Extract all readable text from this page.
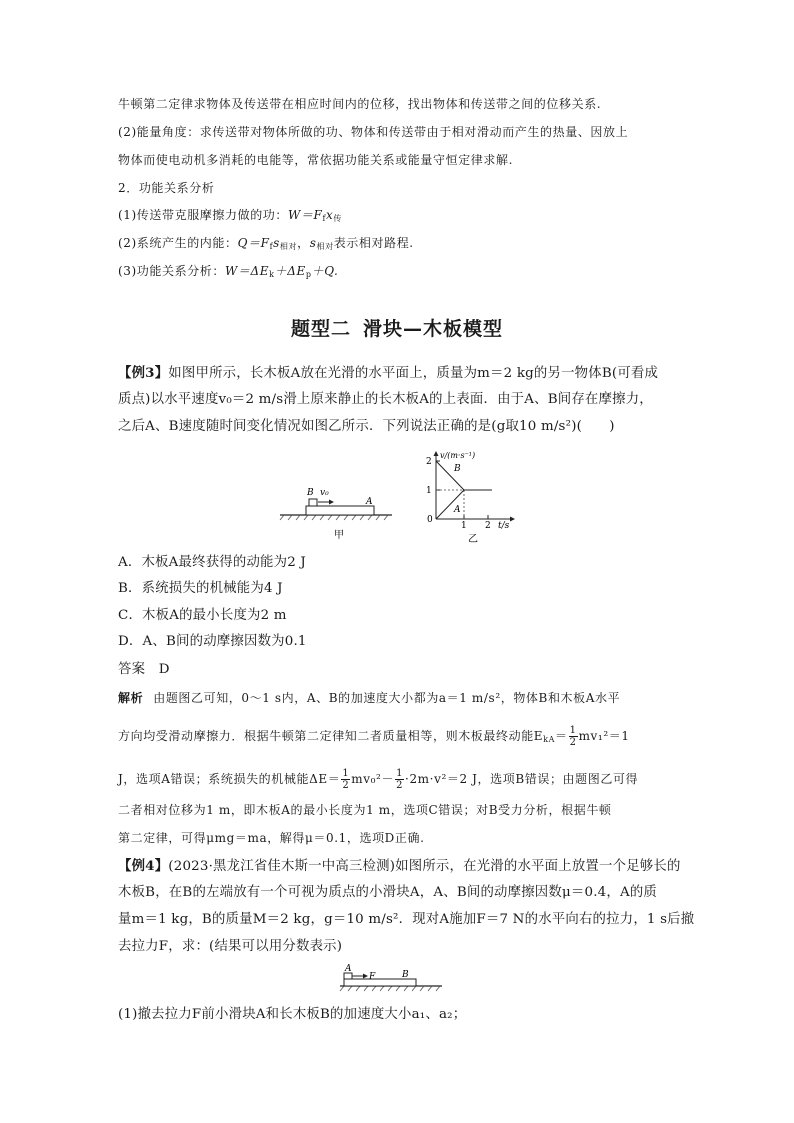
牛顿第二定律求物体及传送带在相应时间内的位移，找出物体和传送带之间的位移关系.
(2)能量角度：求传送带对物体所做的功、物体和传送带由于相对滑动而产生的热量、因放上
物体而使电动机多消耗的电能等，常依据功能关系或能量守恒定律求解.
2．功能关系分析
(1)传送带克服摩擦力做的功：$W=F_fx_传$
(2)系统产生的内能：$Q=F_fs_{相对}$，$s_{相对}$表示相对路程.
(3)功能关系分析：$W=\Delta E_k+\Delta E_p+Q$.
题型二 滑块—木板模型
【例3】如图甲所示，长木板A放在光滑的水平面上，质量为m＝2 kg的另一物体B(可看成
质点)以水平速度v₀＝2 m/s滑上原来静止的长木板A的上表面．由于A、B间存在摩擦力，
之后A、B速度随时间变化情况如图乙所示．下列说法正确的是(g取10 m/s²)(　　)
B v₀
A
甲
v/(m·s⁻¹)
2
1
0
1 2 t/s
B
A
乙
A．木板A最终获得的动能为2 J
B．系统损失的机械能为4 J
C．木板A的最小长度为2 m
D．A、B间的动摩擦因数为0.1
答案　D
解析 由题图乙可知，0～1 s内，A、B的加速度大小都为a＝1 m/s²，物体B和木板A水平
方向均受滑动摩擦力．根据牛顿第二定律知二者质量相等，则木板最终动能$E_{kA}= \frac{1}{2} mv_1^2=1$
J，选项A错误；系统损失的机械能$\Delta E= \frac{1}{2} mv_0^2- \frac{1}{2} \cdot 2m\cdot v^2=2$ J，选项B错误；由题图乙可得
二者相对位移为1 m，即木板A的最小长度为1 m，选项C错误；对B受力分析，根据牛顿
第二定律，可得μmg＝ma，解得μ＝0.1，选项D正确.
【例4】(2023·黑龙江省佳木斯一中高三检测)如图所示，在光滑的水平面上放置一个足够长的
木板B，在B的左端放有一个可视为质点的小滑块A，A、B间的动摩擦因数μ＝0.4，A的质
量m＝1 kg，B的质量M＝2 kg，g＝10 m/s²．现对A施加F＝7 N的水平向右的拉力，1 s后撤
去拉力F，求：(结果可以用分数表示)
A
F	B
(1)撤去拉力F前小滑块A和长木板B的加速度大小a₁、a₂；
